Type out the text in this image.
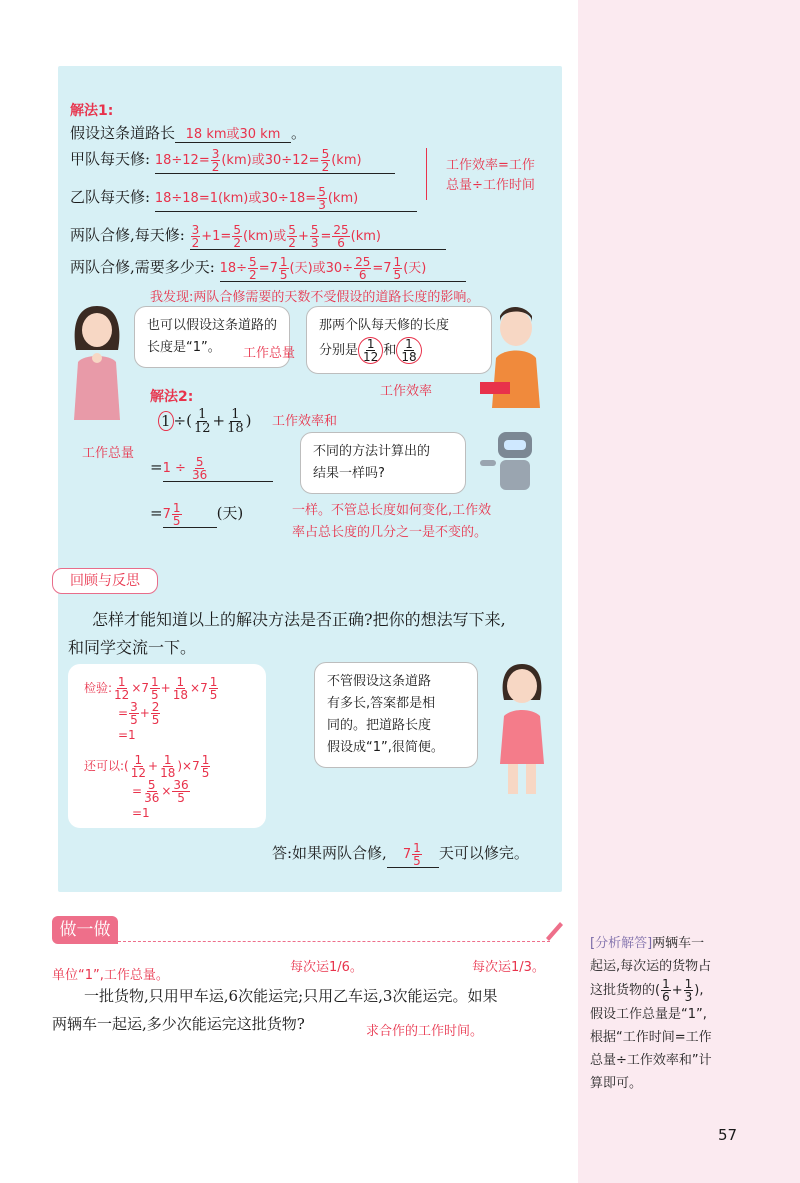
解法1:
假设这条道路长 18 km或30 km 。
甲队每天修: $18\div 12= \frac{3}{2} (km)$或$30\div 12= \frac{5}{2} (km)$
乙队每天修: 18÷18=1(km)或$30\div 18= \frac{5}{3} (km)$
工作效率=工作
总量÷工作时间
两队合修,每天修: $\frac{3}{2} +1= \frac{5}{2} (km)$或 $\frac{5}{2} + \frac{5}{3} = \frac{25}{6} (km)$
两队合修,需要多少天: $18\div \frac{5}{2} =7 \frac{1}{5}$ (天)或$30\div \frac{25}{6} =7 \frac{1}{5}$ (天)
我发现:两队合修需要的天数不受假设的道路长度的影响。
也可以假设这条道路的长度是“1”。	工作总量
那两个队每天修的长度
分别是 $\frac{1}{12}$ 和 $\frac{1}{18}$
工作效率
解法2:
1 ÷( $\frac{1}{12} + \frac{1}{18}$ ) 工作效率和
工作总量
$=1 \div \frac{5}{36}$
$=7 \frac{1}{5}$ (天)
不同的方法计算出的
结果一样吗?
一样。不管总长度如何变化,工作效
率占总长度的几分之一是不变的。
回顾与反思
怎样才能知道以上的解决方法是否正确?把你的想法写下来,
和同学交流一下。
检验: $\frac{1}{12} \times 7 \frac{1}{5} + \frac{1}{18} \times 7 \frac{1}{5}$
= $\frac{3}{5} + \frac{2}{5}$
=1
还可以:( $\frac{1}{12} + \frac{1}{18} )\times 7 \frac{1}{5}$
= $\frac{5}{36} \times \frac{36}{5}$
=1
不管假设这条道路
有多长,答案都是相
同的。把道路长度
假设成“1”,很简便。
答:如果两队合修, $7 \frac{1}{5}$ 天可以修完。
做一做
单位“1”,工作总量。
每次运1/6。	每次运1/3。
一批货物,只用甲车运,6次能运完;只用乙车运,3次能运完。如果
两辆车一起运,多少次能运完这批货物?	求合作的工作时间。
[分析解答]两辆车一
起运,每次运的货物占
这批货物的( $\frac{1}{6} + \frac{1}{3}$ ),
假设工作总量是“1”,
根据“工作时间=工作
总量÷工作效率和”计
算即可。
57
